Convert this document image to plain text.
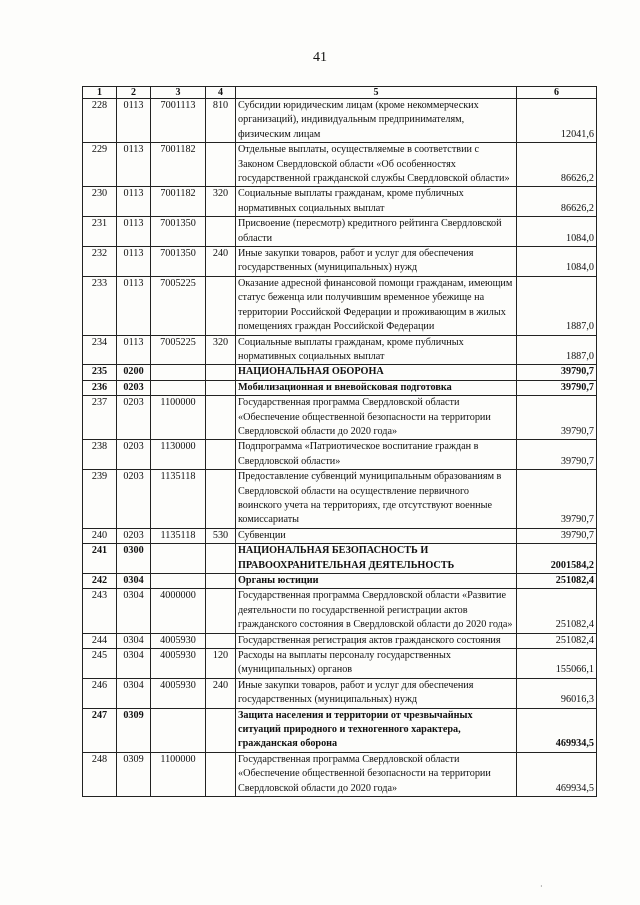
41
1	2	3	4	5	6
228	0113	7001113	810	Субсидии юридическим лицам (кроме некоммерческих организаций), индивидуальным предпринимателям, физическим лицам	12041,6
229	0113	7001182		Отдельные выплаты, осуществляемые в соответствии с Законом Свердловской области «Об особенностях государственной гражданской службы Свердловской области»	86626,2
230	0113	7001182	320	Социальные выплаты гражданам, кроме публичных нормативных социальных выплат	86626,2
231	0113	7001350		Присвоение (пересмотр) кредитного рейтинга Свердловской области	1084,0
232	0113	7001350	240	Иные закупки товаров, работ и услуг для обеспечения государственных (муниципальных) нужд	1084,0
233	0113	7005225		Оказание адресной финансовой помощи гражданам, имеющим статус беженца или получившим временное убежище на территории Российской Федерации и проживающим в жилых помещениях граждан Российской Федерации	1887,0
234	0113	7005225	320	Социальные выплаты гражданам, кроме публичных нормативных социальных выплат	1887,0
235	0200			НАЦИОНАЛЬНАЯ ОБОРОНА	39790,7
236	0203			Мобилизационная и вневойсковая подготовка	39790,7
237	0203	1100000		Государственная программа Свердловской области «Обеспечение общественной безопасности на территории Свердловской области до 2020 года»	39790,7
238	0203	1130000		Подпрограмма «Патриотическое воспитание граждан в Свердловской области»	39790,7
239	0203	1135118		Предоставление субвенций муниципальным образованиям в Свердловской области на осуществление первичного воинского учета на территориях, где отсутствуют военные комиссариаты	39790,7
240	0203	1135118	530	Субвенции	39790,7
241	0300			НАЦИОНАЛЬНАЯ БЕЗОПАСНОСТЬ И ПРАВООХРАНИТЕЛЬНАЯ ДЕЯТЕЛЬНОСТЬ	2001584,2
242	0304			Органы юстиции	251082,4
243	0304	4000000		Государственная программа Свердловской области «Развитие деятельности по государственной регистрации актов гражданского состояния в Свердловской области до 2020 года»	251082,4
244	0304	4005930		Государственная регистрация актов гражданского состояния	251082,4
245	0304	4005930	120	Расходы на выплаты персоналу государственных (муниципальных) органов	155066,1
246	0304	4005930	240	Иные закупки товаров, работ и услуг для обеспечения государственных (муниципальных) нужд	96016,3
247	0309			Защита населения и территории от чрезвычайных ситуаций природного и техногенного характера, гражданская оборона	469934,5
248	0309	1100000		Государственная программа Свердловской области «Обеспечение общественной безопасности на территории Свердловской области до 2020 года»	469934,5
·
